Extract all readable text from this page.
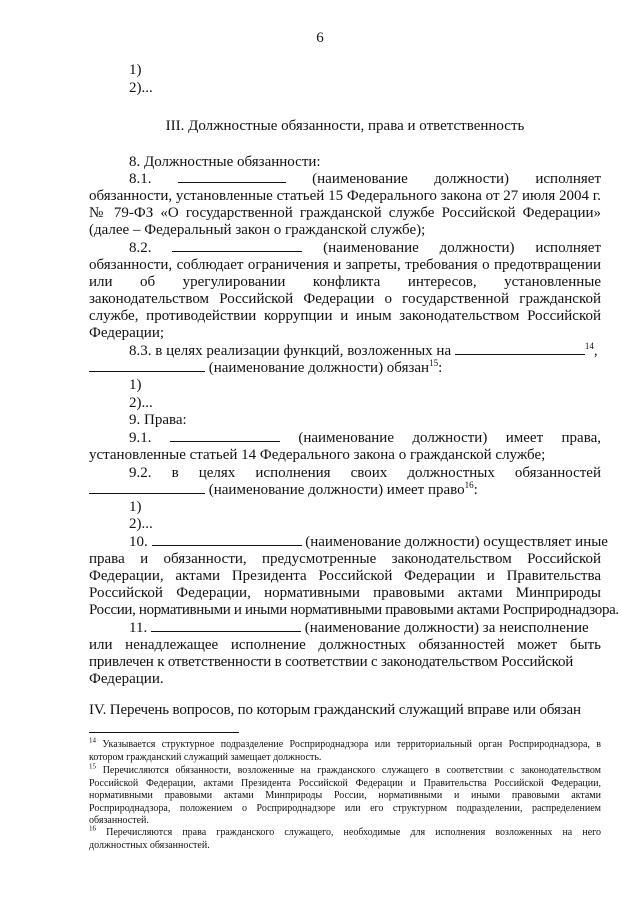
6
1)
2)...
III. Должностные обязанности, права и ответственность
8. Должностные обязанности:
8.1.	(наименование должности) исполняет
обязанности, установленные статьей 15 Федерального закона от 27 июля 2004 г.
№ 79-ФЗ «О государственной гражданской службе Российской Федерации»
(далее – Федеральный закон о гражданской службе);
8.2.	(наименование должности) исполняет
обязанности, соблюдает ограничения и запреты, требования о предотвращении
или об урегулировании конфликта интересов, установленные
законодательством Российской Федерации о государственной гражданской
службе, противодействии коррупции и иным законодательством Российской
Федерации;
8.3. в целях реализации функций, возложенных на	$^{14}$,
(наименование должности) обязан$^{15}$:
1)
2)...
9. Права:
9.1.	(наименование должности) имеет права,
установленные статьей 14 Федерального закона о гражданской службе;
9.2. в целях исполнения своих должностных обязанностей
(наименование должности) имеет право$^{16}$:
1)
2)...
10.	(наименование должности) осуществляет иные
права и обязанности, предусмотренные законодательством Российской
Федерации, актами Президента Российской Федерации и Правительства
Российской Федерации, нормативными правовыми актами Минприроды
России, нормативными и иными нормативными правовыми актами Росприроднадзора.
11.	(наименование должности) за неисполнение
или ненадлежащее исполнение должностных обязанностей может быть
привлечен к ответственности в соответствии с законодательством Российской
Федерации.
IV. Перечень вопросов, по которым гражданский служащий вправе или обязан
$^{14}$ Указывается структурное подразделение Росприроднадзора или территориальный орган Росприроднадзора, в
котором гражданский служащий замещает должность.
$^{15}$ Перечисляются обязанности, возложенные на гражданского служащего в соответствии с законодательством
Российской Федерации, актами Президента Российской Федерации и Правительства Российской Федерации,
нормативными правовыми актами Минприроды России, нормативными и иными правовыми актами
Росприроднадзора, положением о Росприроднадзоре или его структурном подразделении, распределением
обязанностей.
$^{16}$ Перечисляются права гражданского служащего, необходимые для исполнения возложенных на него
должностных обязанностей.
